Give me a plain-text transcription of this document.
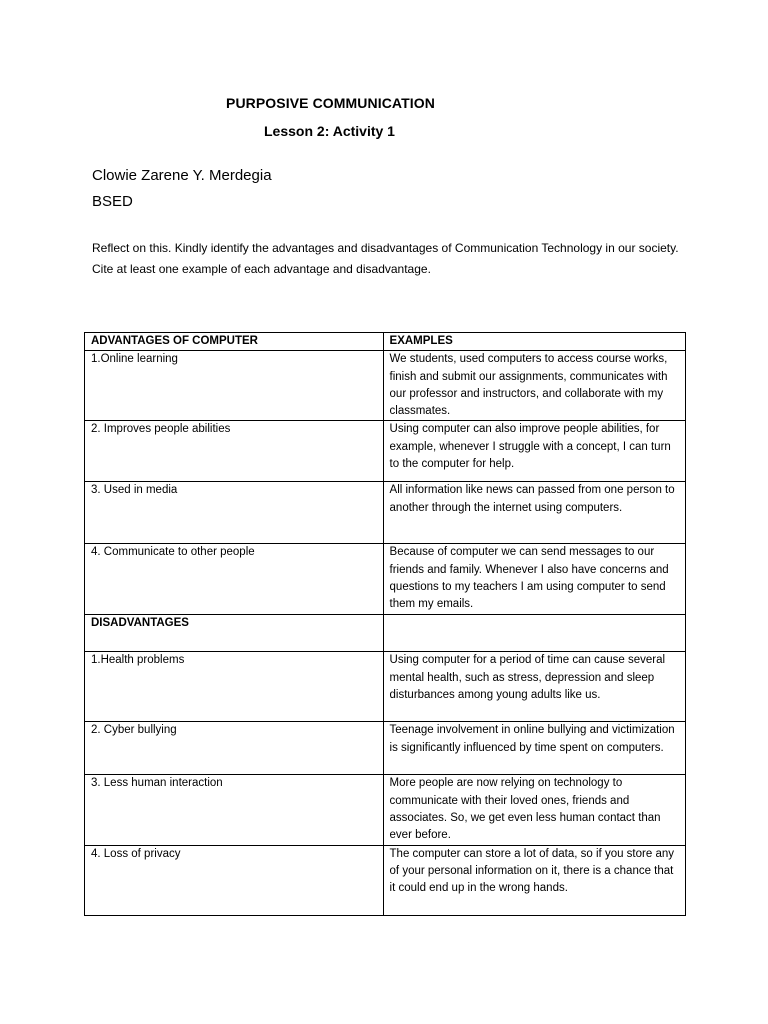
PURPOSIVE COMMUNICATION
Lesson 2: Activity 1
Clowie Zarene Y. Merdegia
BSED
Reflect on this. Kindly identify the advantages and disadvantages of Communication Technology in our society. Cite at least one example of each advantage and disadvantage.
ADVANTAGES OF COMPUTER	EXAMPLES
1.Online learning	We students, used computers to access course works, finish and submit our assignments, communicates with our professor and instructors, and collaborate with my classmates.
2. Improves people abilities	Using computer can also improve people abilities, for example, whenever I struggle with a concept, I can turn to the computer for help.
3. Used in media	All information like news can passed from one person to another through the internet using computers.
4. Communicate to other people	Because of computer we can send messages to our friends and family. Whenever I also have concerns and questions to my teachers I am using computer to send them my emails.
DISADVANTAGES	
1.Health problems	Using computer for a period of time can cause several mental health, such as stress, depression and sleep disturbances among young adults like us.
2. Cyber bullying	Teenage involvement in online bullying and victimization is significantly influenced by time spent on computers.
3. Less human interaction	More people are now relying on technology to communicate with their loved ones, friends and associates. So, we get even less human contact than ever before.
4. Loss of privacy	The computer can store a lot of data, so if you store any of your personal information on it, there is a chance that it could end up in the wrong hands.
